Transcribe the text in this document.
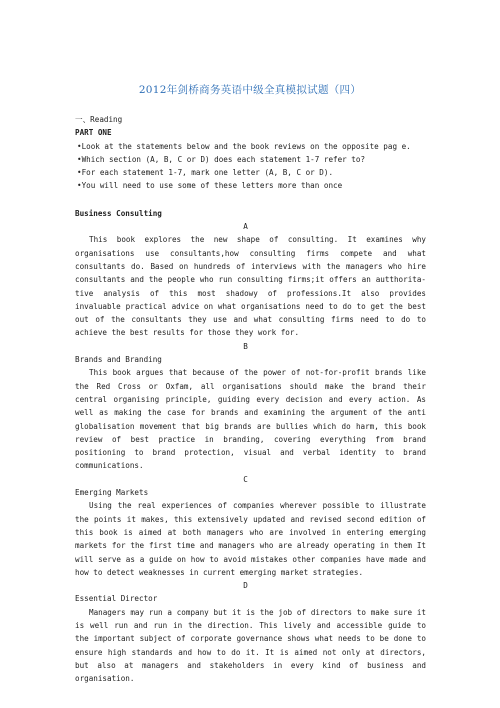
2012年剑桥商务英语中级全真模拟试题（四）

一、Reading

PART ONE

•Look at the statements below and the book reviews on the opposite pag e.

•Which section (A, B, C or D) does each statement 1-7 refer to?

•For each statement 1-7, mark one letter (A, B, C or D).

•You will need to use some of these letters more than once

Business Consulting

A

This book explores the new shape of consulting. It examines why organisations use consultants,how consulting firms compete and what consultants do. Based on hundreds of interviews with the managers who hire consultants and the people who run consulting firms;it offers an autthorita-tive analysis of this most shadowy of professions.It also provides invaluable practical advice on what organisations need to do to get the best out of the consultants they use and what consulting firms need to do to achieve the best results for those they work for.

B

Brands and Branding

This book argues that because of the power of not-for-profit brands like the Red Cross or Oxfam, all organisations should make the brand their central organising principle, guiding every decision and every action. As well as making the case for brands and examining the argument of the anti globalisation movement that big brands are bullies which do harm, this book review of best practice in branding, covering everything from brand positioning to brand protection, visual and verbal identity to brand communications.

C

Emerging Markets

Using the real experiences of companies wherever possible to illustrate the points it makes, this extensively updated and revised second edition of this book is aimed at both managers who are involved in entering emerging markets for the first time and managers who are already operating in them It will serve as a guide on how to avoid mistakes other companies have made and how to detect weaknesses in current emerging market strategies.

D

Essential Director

Managers may run a company but it is the job of directors to make sure it is well run and run in the direction. This lively and accessible guide to the important subject of corporate governance shows what needs to be done to ensure high standards and how to do it. It is aimed not only at directors, but also at managers and stakeholders in every kind of business and organisation.
